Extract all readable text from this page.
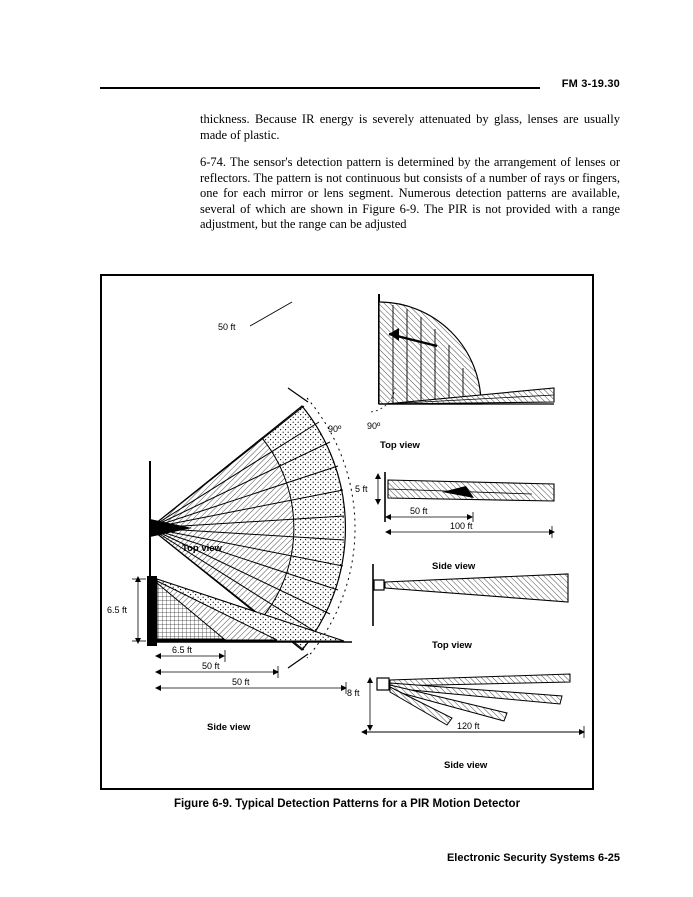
FM 3-19.30

thickness. Because IR energy is severely attenuated by glass, lenses are usually made of plastic.

6-74. The sensor's detection pattern is determined by the arrangement of lenses or reflectors. The pattern is not continuous but consists of a number of rays or fingers, one for each mirror or lens segment. Numerous detection patterns are available, several of which are shown in Figure 6-9. The PIR is not provided with a range adjustment, but the range can be adjusted

50 ft
90º
Top view
90º
Top view
5 ft
50 ft
100 ft
Side view
6.5 ft
6.5 ft
50 ft
50 ft
Side view
Top view
8 ft
120 ft
Side view
Figure 6-9. Typical Detection Patterns for a PIR Motion Detector
Electronic Security Systems 6-25
